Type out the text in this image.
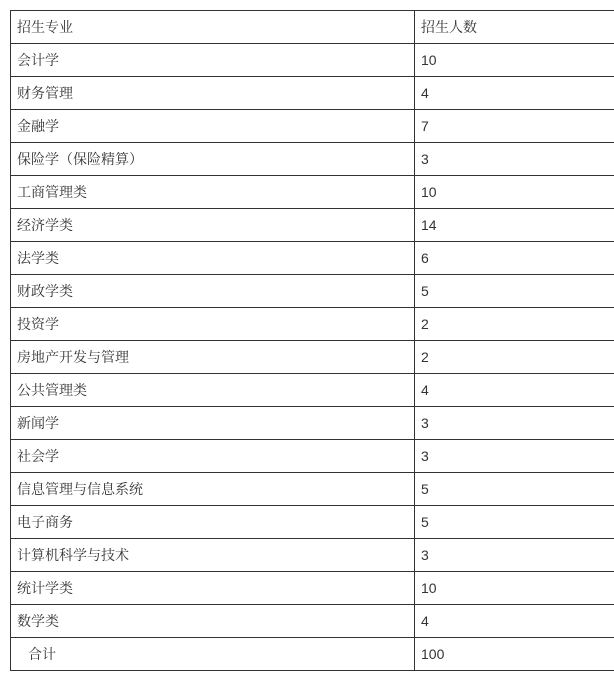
招生专业	招生人数
会计学	10
财务管理	4
金融学	7
保险学（保险精算）	3
工商管理类	10
经济学类	14
法学类	6
财政学类	5
投资学	2
房地产开发与管理	2
公共管理类	4
新闻学	3
社会学	3
信息管理与信息系统	5
电子商务	5
计算机科学与技术	3
统计学类	10
数学类	4
合计	100
